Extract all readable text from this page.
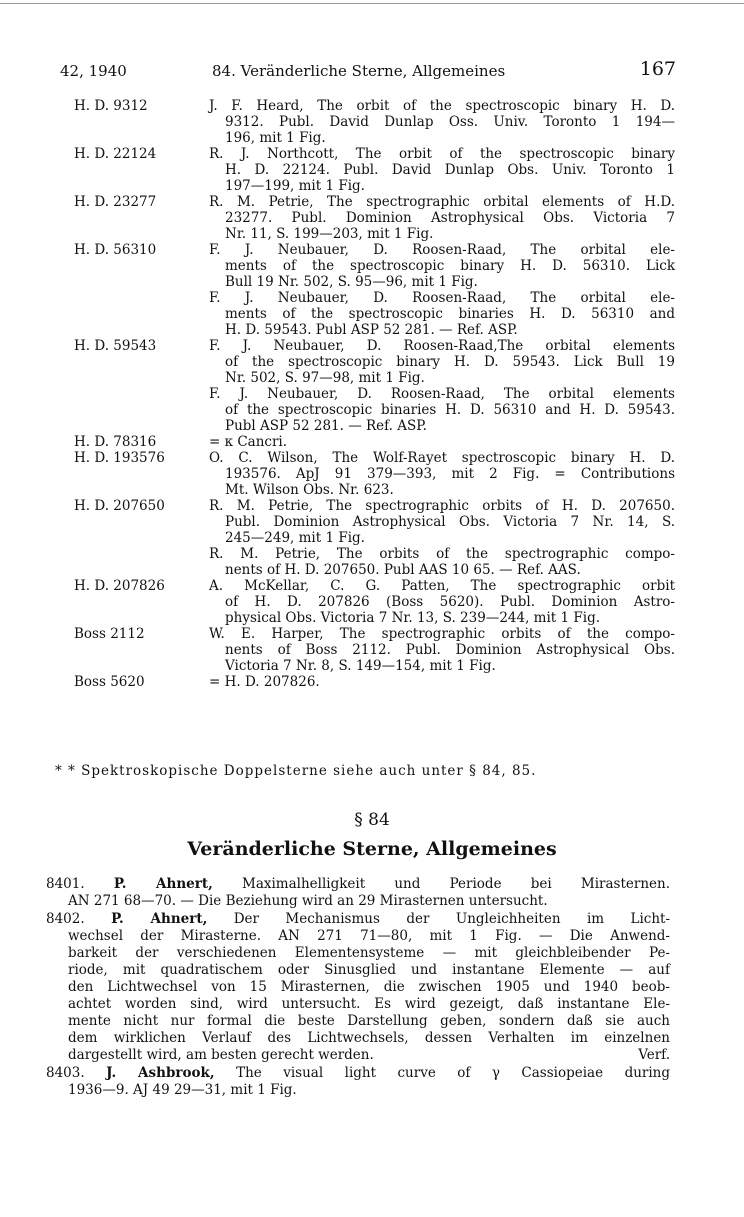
42, 1940	84. Veränderliche Sterne, Allgemeines	167
H. D. 9312	J. F. Heard, The orbit of the spectroscopic binary H. D.
9312. Publ. David Dunlap Oss. Univ. Toronto 1 194—
196, mit 1 Fig.
H. D. 22124	R. J. Northcott, The orbit of the spectroscopic binary
H. D. 22124. Publ. David Dunlap Obs. Univ. Toronto 1
197—199, mit 1 Fig.
H. D. 23277	R. M. Petrie, The spectrographic orbital elements of H.D.
23277. Publ. Dominion Astrophysical Obs. Victoria 7
Nr. 11, S. 199—203, mit 1 Fig.
H. D. 56310	F. J. Neubauer, D. Roosen-Raad, The orbital ele-
ments of the spectroscopic binary H. D. 56310. Lick
Bull 19 Nr. 502, S. 95—96, mit 1 Fig.
F. J. Neubauer, D. Roosen-Raad, The orbital ele-
ments of the spectroscopic binaries H. D. 56310 and
H. D. 59543. Publ ASP 52 281. — Ref. ASP.
H. D. 59543	F. J. Neubauer, D. Roosen-Raad,The orbital elements
of the spectroscopic binary H. D. 59543. Lick Bull 19
Nr. 502, S. 97—98, mit 1 Fig.
F. J. Neubauer, D. Roosen-Raad, The orbital elements
of the spectroscopic binaries H. D. 56310 and H. D. 59543.
Publ ASP 52 281. — Ref. ASP.
H. D. 78316	= κ Cancri.
H. D. 193576	O. C. Wilson, The Wolf-Rayet spectroscopic binary H. D.
193576. ApJ 91 379—393, mit 2 Fig. = Contributions
Mt. Wilson Obs. Nr. 623.
H. D. 207650	R. M. Petrie, The spectrographic orbits of H. D. 207650.
Publ. Dominion Astrophysical Obs. Victoria 7 Nr. 14, S.
245—249, mit 1 Fig.
R. M. Petrie, The orbits of the spectrographic compo-
nents of H. D. 207650. Publ AAS 10 65. — Ref. AAS.
H. D. 207826	A. McKellar, C. G. Patten, The spectrographic orbit
of H. D. 207826 (Boss 5620). Publ. Dominion Astro-
physical Obs. Victoria 7 Nr. 13, S. 239—244, mit 1 Fig.
Boss 2112	W. E. Harper, The spectrographic orbits of the compo-
nents of Boss 2112. Publ. Dominion Astrophysical Obs.
Victoria 7 Nr. 8, S. 149—154, mit 1 Fig.
Boss 5620	= H. D. 207826.
* * Spektroskopische Doppelsterne siehe auch unter § 84, 85.
§ 84
Veränderliche Sterne, Allgemeines
8401. P. Ahnert, Maximalhelligkeit und Periode bei Mirasternen.
AN 271 68—70. — Die Beziehung wird an 29 Mirasternen untersucht.
8402. P. Ahnert, Der Mechanismus der Ungleichheiten im Licht-
wechsel der Mirasterne. AN 271 71—80, mit 1 Fig. — Die Anwend-
barkeit der verschiedenen Elementensysteme — mit gleichbleibender Pe-
riode, mit quadratischem oder Sinusglied und instantane Elemente — auf
den Lichtwechsel von 15 Mirasternen, die zwischen 1905 und 1940 beob-
achtet worden sind, wird untersucht. Es wird gezeigt, daß instantane Ele-
mente nicht nur formal die beste Darstellung geben, sondern daß sie auch
dem wirklichen Verlauf des Lichtwechsels, dessen Verhalten im einzelnen
dargestellt wird, am besten gerecht werden.	Verf.
8403. J. Ashbrook, The visual light curve of γ Cassiopeiae during
1936—9. AJ 49 29—31, mit 1 Fig.
